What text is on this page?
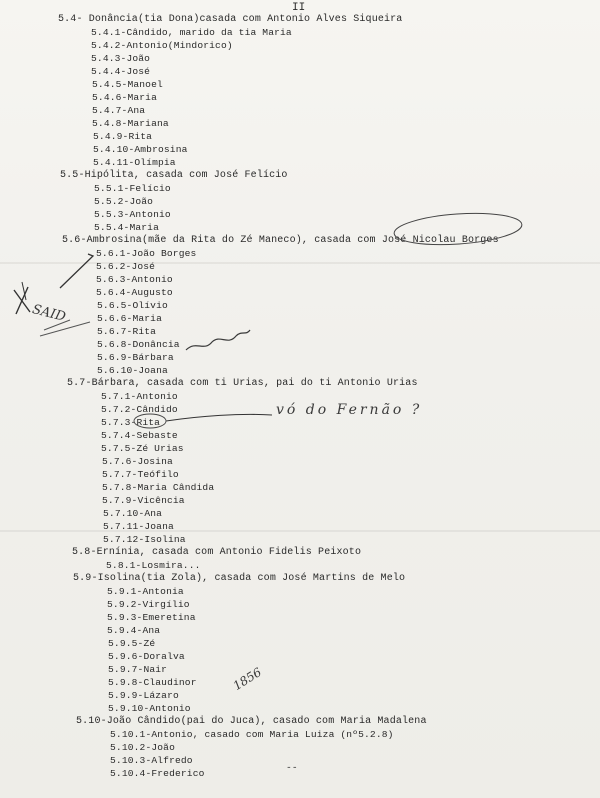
II
5.4- Donância(tia Dona)casada com Antonio Alves Siqueira
5.4.1-Cândido, marido da tia Maria
5.4.2-Antonio(Mindorico)
5.4.3-João
5.4.4-José
5.4.5-Manoel
5.4.6-Maria
5.4.7-Ana
5.4.8-Mariana
5.4.9-Rita
5.4.10-Ambrosina
5.4.11-Olímpia
5.5-Hipólita, casada com José Felício
5.5.1-Felício
5.5.2-João
5.5.3-Antonio
5.5.4-Maria
5.6-Ambrosina(mãe da Rita do Zé Maneco), casada com José Nicolau Borges
5.6.1-João Borges
5.6.2-José
5.6.3-Antonio
5.6.4-Augusto
5.6.5-Olívio
5.6.6-Maria
5.6.7-Rita
5.6.8-Donância
5.6.9-Bárbara
5.6.10-Joana
5.7-Bárbara, casada com ti Urias, pai do ti Antonio Urias
5.7.1-Antonio
5.7.2-Cândido
5.7.3-Rita
5.7.4-Sebaste
5.7.5-Zé Urias
5.7.6-Josina
5.7.7-Teófilo
5.7.8-Maria Cândida
5.7.9-Vicência
5.7.10-Ana
5.7.11-Joana
5.7.12-Isolina
5.8-Ernínia, casada com Antonio Fidelis Peixoto
5.8.1-Losmira...
5.9-Isolina(tia Zola), casada com José Martins de Melo
5.9.1-Antonia
5.9.2-Virgílio
5.9.3-Emeretina
5.9.4-Ana
5.9.5-Zé
5.9.6-Doralva
5.9.7-Nair
5.9.8-Claudinor
5.9.9-Lázaro
5.9.10-Antonio
5.10-João Cândido(pai do Juca), casado com Maria Madalena
5.10.1-Antonio, casado com Maria Luiza (nº5.2.8)
5.10.2-João
5.10.3-Alfredo
5.10.4-Frederico
--
SAID
vó do Fernão ?
1856
